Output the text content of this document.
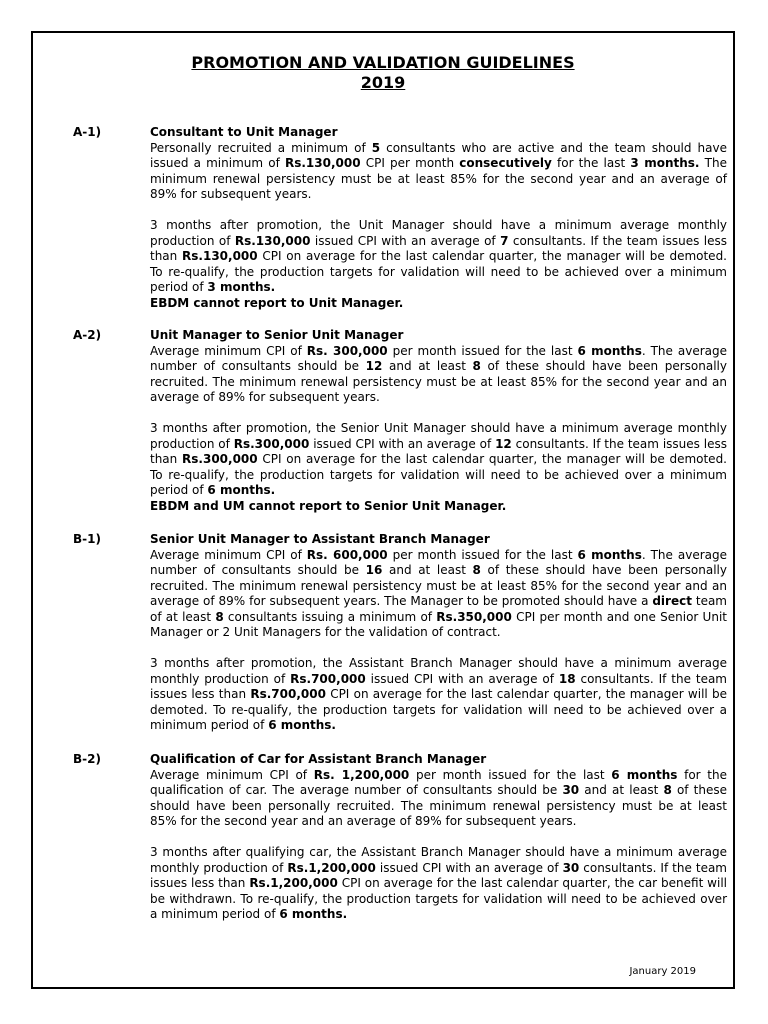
PROMOTION AND VALIDATION GUIDELINES
2019
A-1)	Consultant to Unit Manager

Personally recruited a minimum of 5 consultants who are active and the team should have issued a minimum of Rs.130,000 CPI per month consecutively for the last 3 months. The minimum renewal persistency must be at least 85% for the second year and an average of 89% for subsequent years.

3 months after promotion, the Unit Manager should have a minimum average monthly production of Rs.130,000 issued CPI with an average of 7 consultants. If the team issues less than Rs.130,000 CPI on average for the last calendar quarter, the manager will be demoted. To re-qualify, the production targets for validation will need to be achieved over a minimum period of 3 months.

EBDM cannot report to Unit Manager.
A-2)	Unit Manager to Senior Unit Manager

Average minimum CPI of Rs. 300,000 per month issued for the last 6 months. The average number of consultants should be 12 and at least 8 of these should have been personally recruited. The minimum renewal persistency must be at least 85% for the second year and an average of 89% for subsequent years.

3 months after promotion, the Senior Unit Manager should have a minimum average monthly production of Rs.300,000 issued CPI with an average of 12 consultants. If the team issues less than Rs.300,000 CPI on average for the last calendar quarter, the manager will be demoted. To re-qualify, the production targets for validation will need to be achieved over a minimum period of 6 months.

EBDM and UM cannot report to Senior Unit Manager.
B-1)	Senior Unit Manager to Assistant Branch Manager

Average minimum CPI of Rs. 600,000 per month issued for the last 6 months. The average number of consultants should be 16 and at least 8 of these should have been personally recruited. The minimum renewal persistency must be at least 85% for the second year and an average of 89% for subsequent years. The Manager to be promoted should have a direct team of at least 8 consultants issuing a minimum of Rs.350,000 CPI per month and one Senior Unit Manager or 2 Unit Managers for the validation of contract.

3 months after promotion, the Assistant Branch Manager should have a minimum average monthly production of Rs.700,000 issued CPI with an average of 18 consultants. If the team issues less than Rs.700,000 CPI on average for the last calendar quarter, the manager will be demoted. To re-qualify, the production targets for validation will need to be achieved over a minimum period of 6 months.

B-2)	Qualification of Car for Assistant Branch Manager

Average minimum CPI of Rs. 1,200,000 per month issued for the last 6 months for the qualification of car. The average number of consultants should be 30 and at least 8 of these should have been personally recruited. The minimum renewal persistency must be at least 85% for the second year and an average of 89% for subsequent years.

3 months after qualifying car, the Assistant Branch Manager should have a minimum average monthly production of Rs.1,200,000 issued CPI with an average of 30 consultants. If the team issues less than Rs.1,200,000 CPI on average for the last calendar quarter, the car benefit will be withdrawn. To re-qualify, the production targets for validation will need to be achieved over a minimum period of 6 months.

January 2019
